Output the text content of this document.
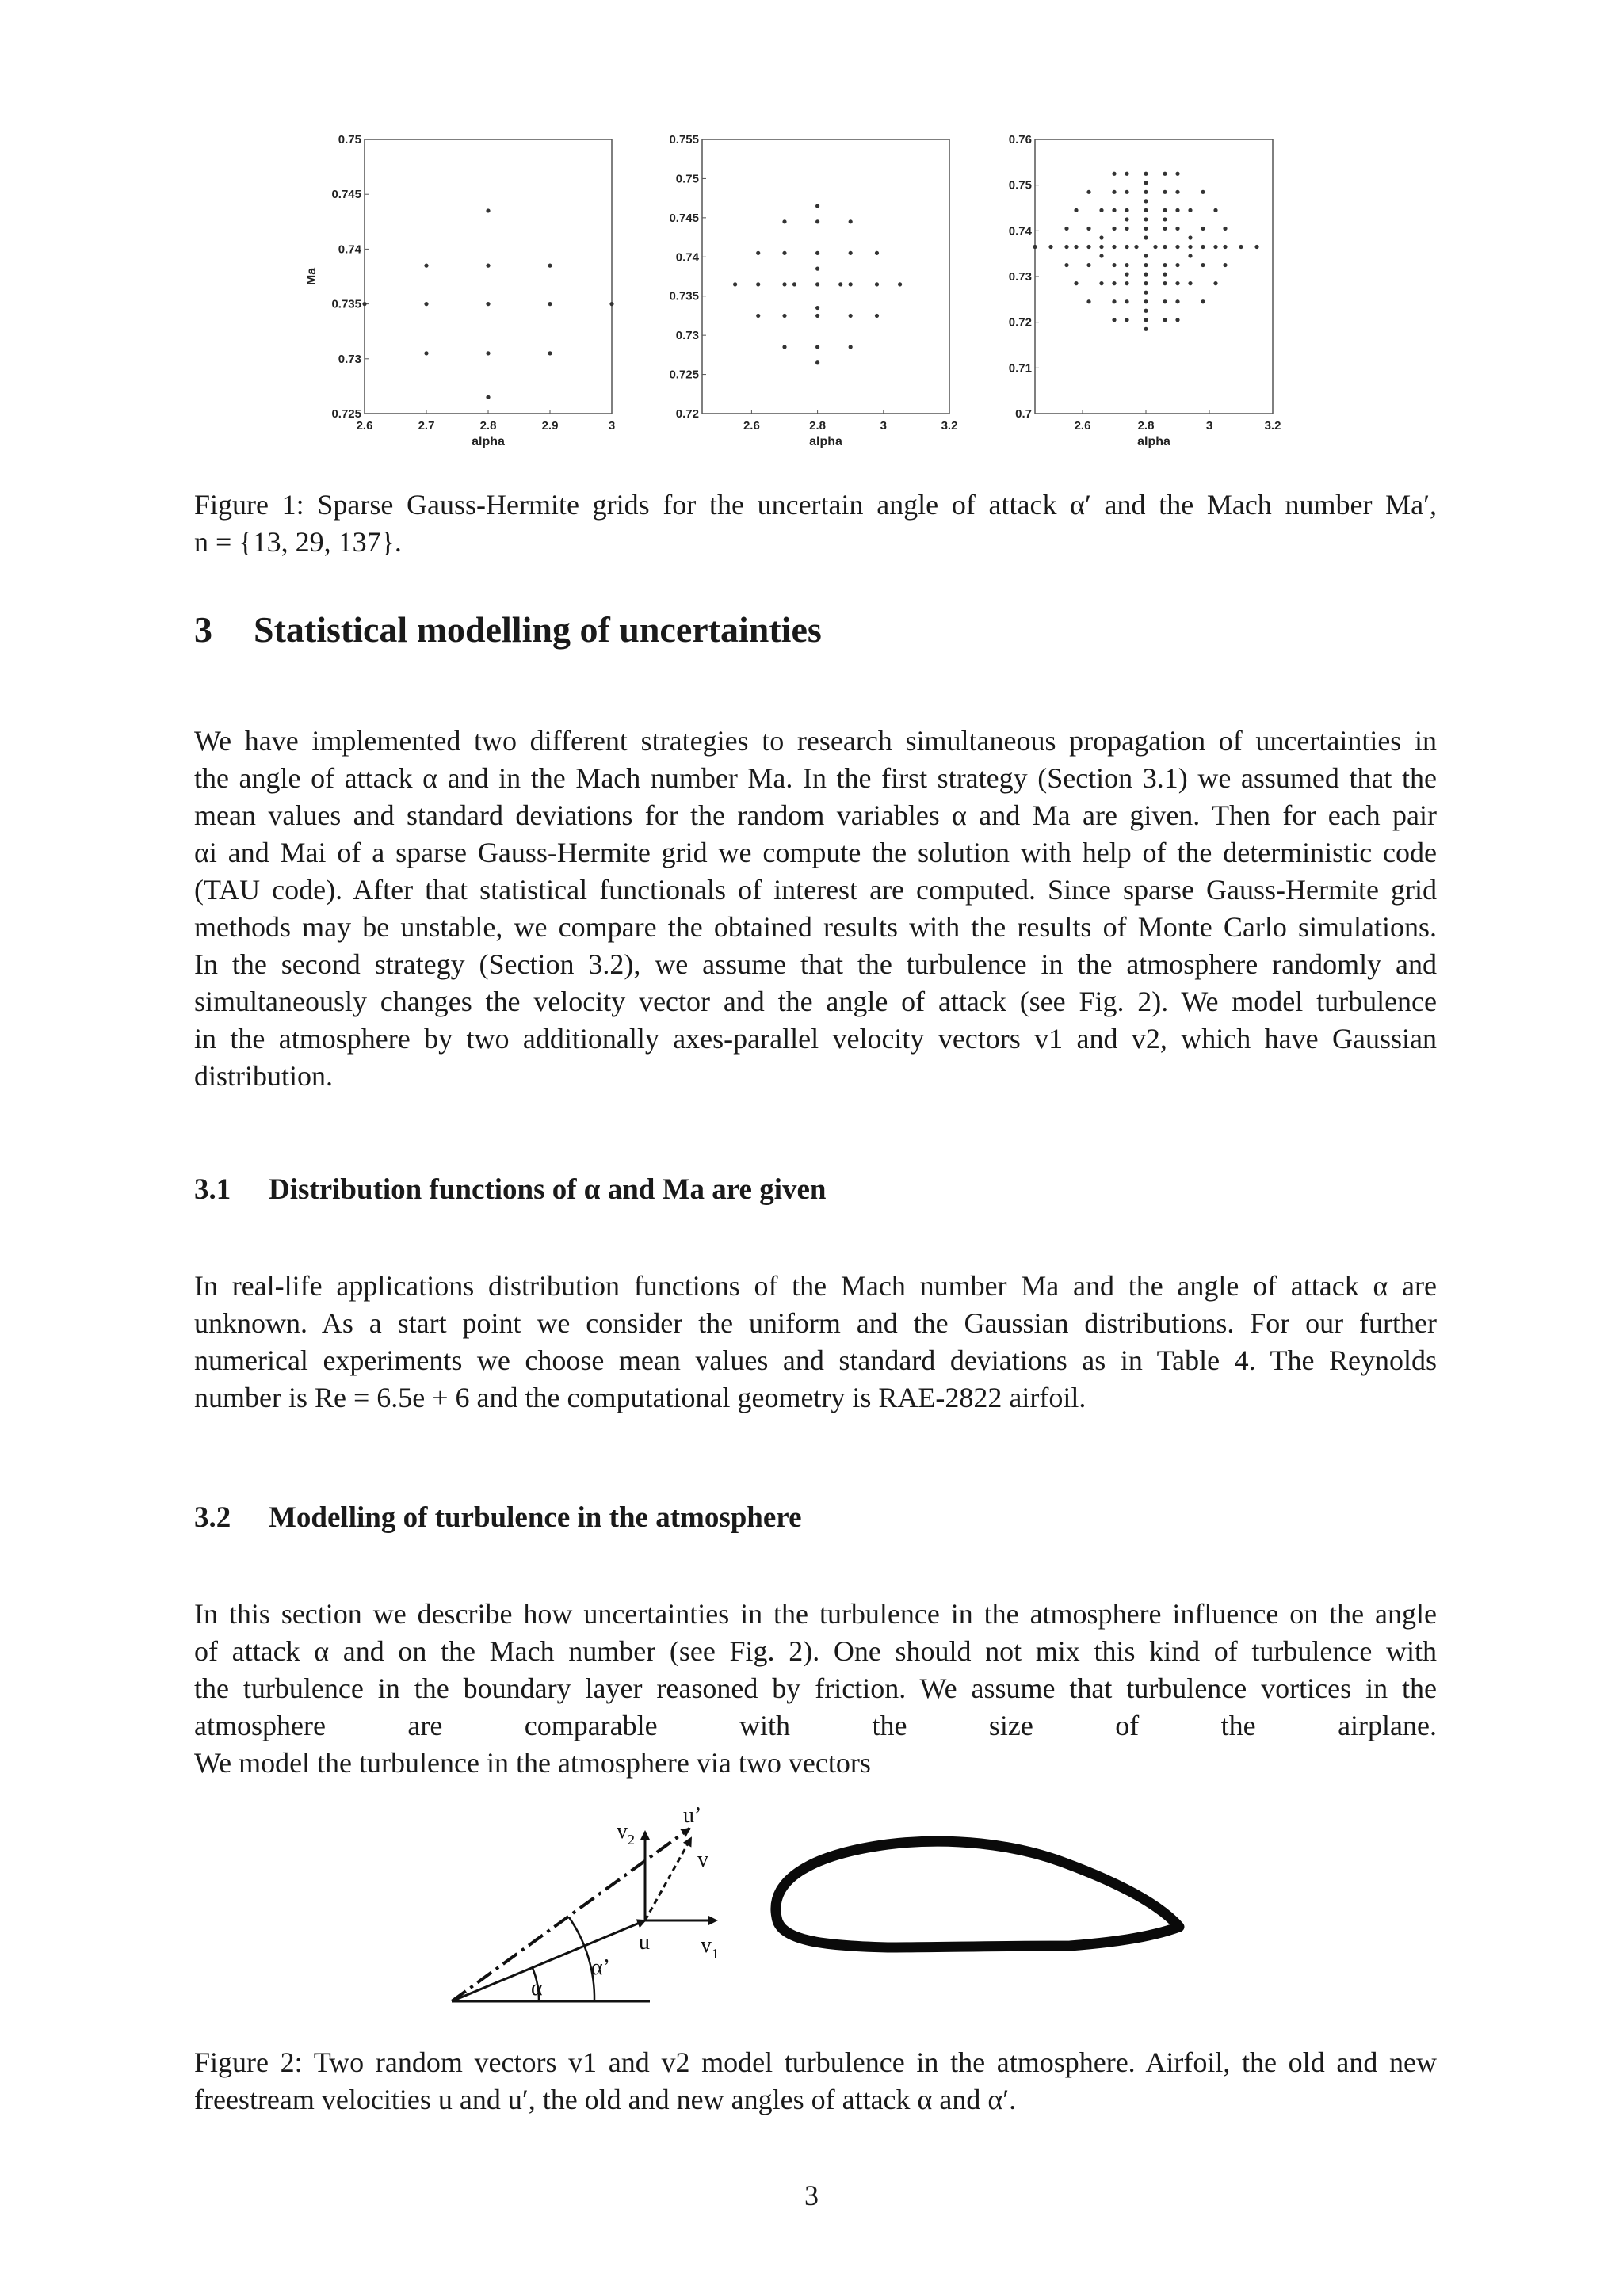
2.6	2.7	2.8	2.9	3
0.725
0.73
0.735
0.74
0.745
0.75
alpha
Ma
2.6	2.8	3	3.2
0.72
0.725
0.73
0.735
0.74
0.745
0.75
0.755
alpha
2.6	2.8	3	3.2
0.7
0.71
0.72
0.73
0.74
0.75
0.76
alpha
Figure 1: Sparse Gauss-Hermite grids for the uncertain angle of attack α′ and the Mach number Ma′,
n = {13, 29, 137}.
3 Statistical modelling of uncertainties
We have implemented two different strategies to research simultaneous propagation of uncertainties in
the angle of attack α and in the Mach number Ma. In the first strategy (Section 3.1) we assumed that the
mean values and standard deviations for the random variables α and Ma are given. Then for each pair
αi and Mai of a sparse Gauss-Hermite grid we compute the solution with help of the deterministic code
(TAU code). After that statistical functionals of interest are computed. Since sparse Gauss-Hermite grid
methods may be unstable, we compare the obtained results with the results of Monte Carlo simulations.
In the second strategy (Section 3.2), we assume that the turbulence in the atmosphere randomly and
simultaneously changes the velocity vector and the angle of attack (see Fig. 2). We model turbulence
in the atmosphere by two additionally axes-parallel velocity vectors v1 and v2, which have Gaussian
distribution.
3.1 Distribution functions of α and Ma are given
In real-life applications distribution functions of the Mach number Ma and the angle of attack α are
unknown. As a start point we consider the uniform and the Gaussian distributions. For our further
numerical experiments we choose mean values and standard deviations as in Table 4. The Reynolds
number is Re = 6.5e + 6 and the computational geometry is RAE-2822 airfoil.
3.2 Modelling of turbulence in the atmosphere
In this section we describe how uncertainties in the turbulence in the atmosphere influence on the angle
of attack α and on the Mach number (see Fig. 2). One should not mix this kind of turbulence with
the turbulence in the boundary layer reasoned by friction. We assume that turbulence vortices in the
atmosphere are comparable with the size of the airplane.
We model the turbulence in the atmosphere via two vectors
$v_2$
u’
v
u $v_1$
α
α’
Figure 2: Two random vectors v1 and v2 model turbulence in the atmosphere. Airfoil, the old and new
freestream velocities u and u′, the old and new angles of attack α and α′.
3
